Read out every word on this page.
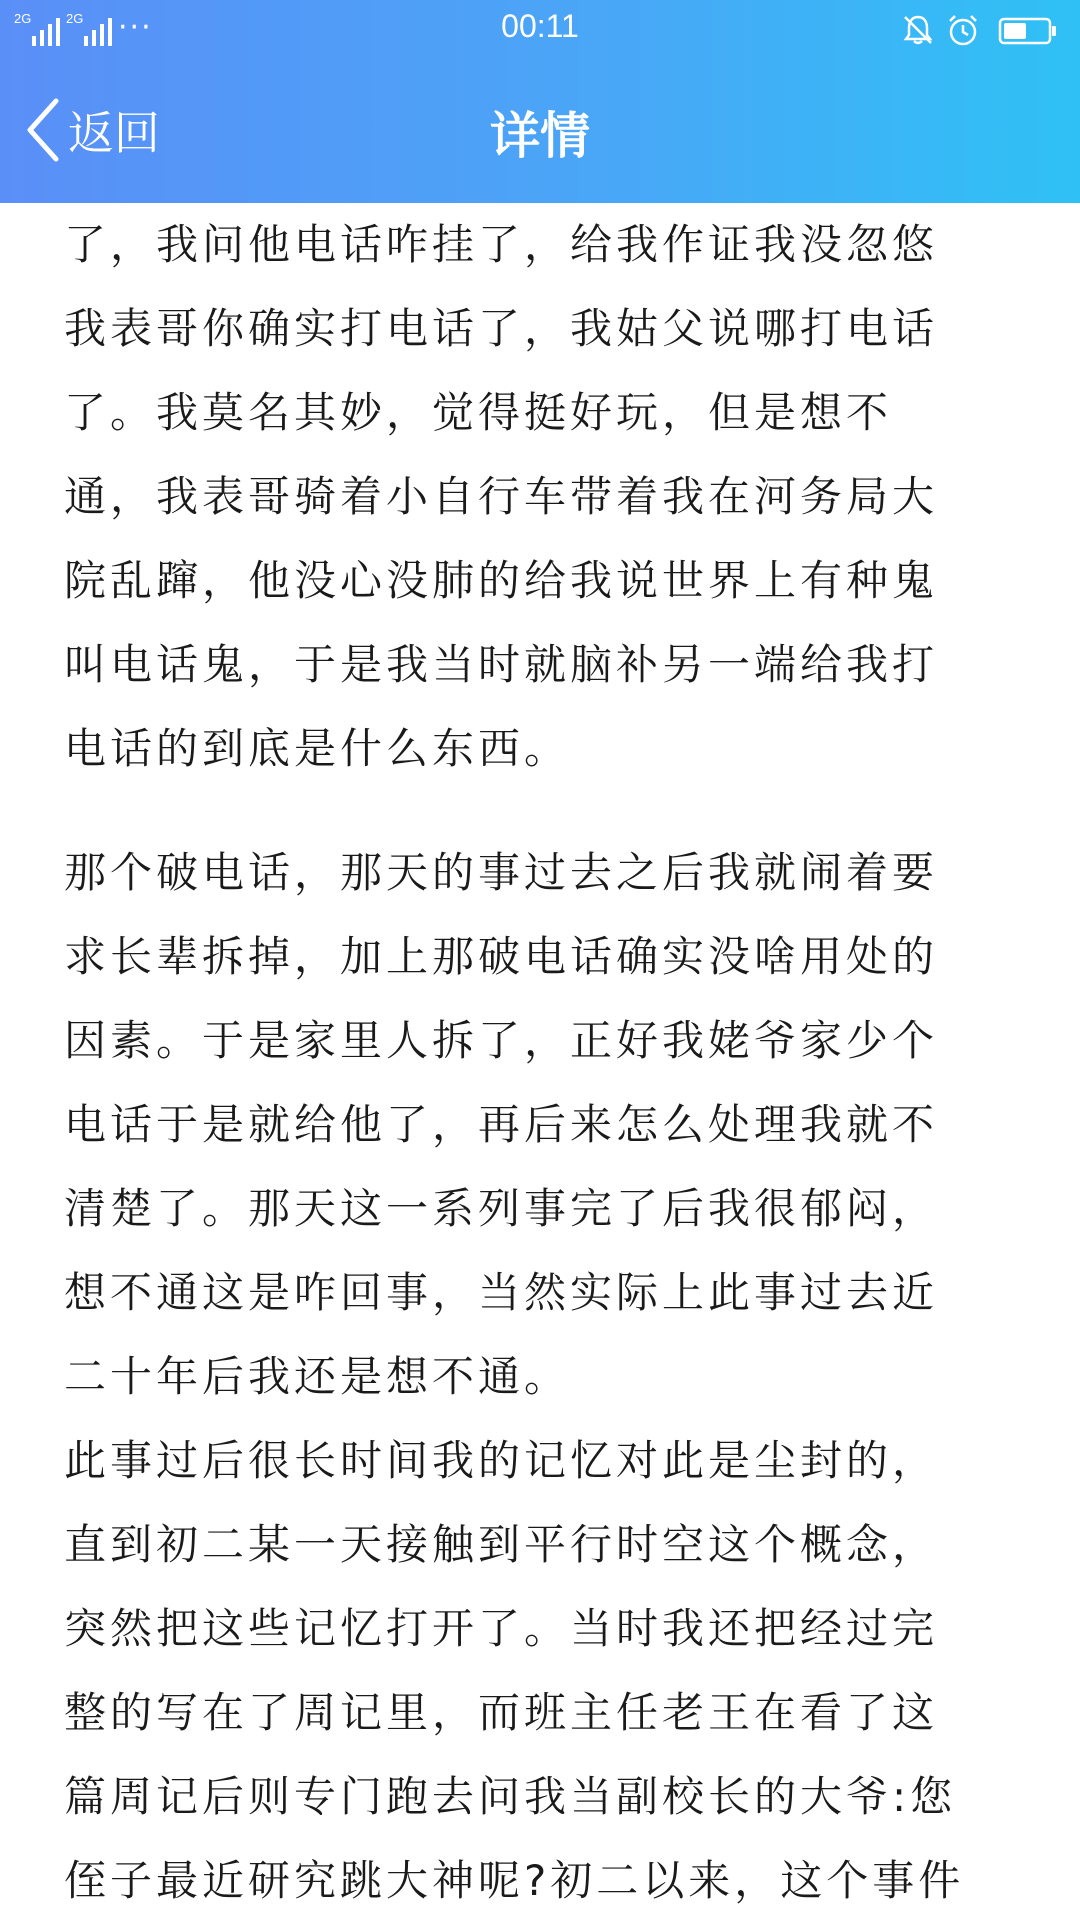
2G	2G ···	00:11
返回	详情

了，我问他电话咋挂了，给我作证我没忽悠
我表哥你确实打电话了，我姑父说哪打电话
了。我莫名其妙，觉得挺好玩，但是想不
通，我表哥骑着小自行车带着我在河务局大
院乱蹿，他没心没肺的给我说世界上有种鬼
叫电话鬼，于是我当时就脑补另一端给我打
电话的到底是什么东西。

那个破电话，那天的事过去之后我就闹着要
求长辈拆掉，加上那破电话确实没啥用处的
因素。于是家里人拆了，正好我姥爷家少个
电话于是就给他了，再后来怎么处理我就不
清楚了。那天这一系列事完了后我很郁闷，
想不通这是咋回事，当然实际上此事过去近
二十年后我还是想不通。

此事过后很长时间我的记忆对此是尘封的，
直到初二某一天接触到平行时空这个概念，
突然把这些记忆打开了。当时我还把经过完
整的写在了周记里，而班主任老王在看了这
篇周记后则专门跑去问我当副校长的大爷:您
侄子最近研究跳大神呢?初二以来，这个事件
